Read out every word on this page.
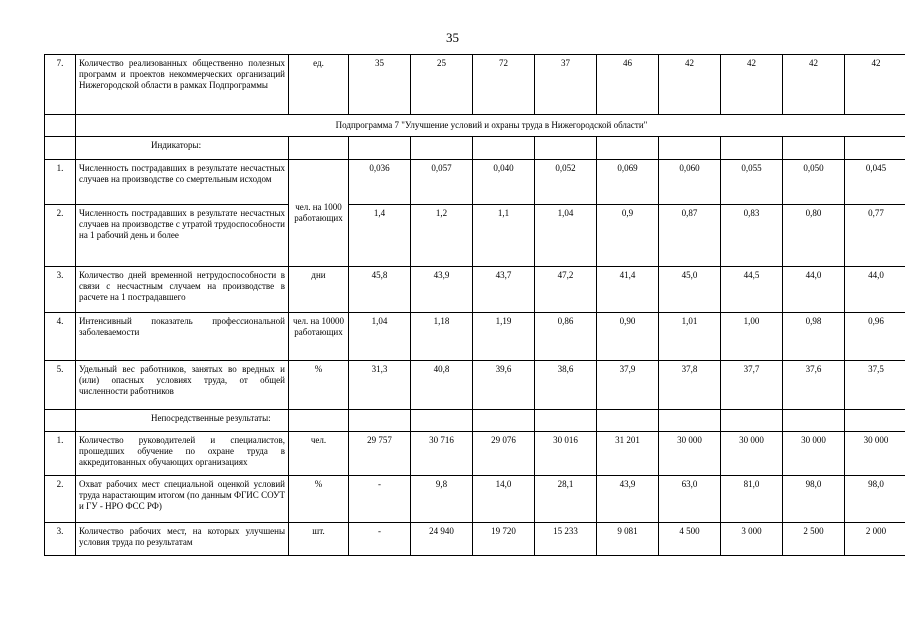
35
7.	Количество реализованных общественно полезных программ и проектов некоммерческих организаций Нижегородской области в рамках Подпрограммы	ед.	35	25	72	37	46	42	42	42	42
	Подпрограмма 7 "Улучшение условий и охраны труда в Нижегородской области"										
	Индикаторы:										
1.	Численность пострадавших в результате несчастных случаев на производстве со смертельным исходом	чел. на 1000 работающих	0,036	0,057	0,040	0,052	0,069	0,060	0,055	0,050	0,045
2.	Численность пострадавших в результате несчастных случаев на производстве с утратой трудоспособности на 1 рабочий день и более		1,4	1,2	1,1	1,04	0,9	0,87	0,83	0,80	0,77
3.	Количество дней временной нетрудоспособности в связи с несчастным случаем на производстве в расчете на 1 пострадавшего	дни	45,8	43,9	43,7	47,2	41,4	45,0	44,5	44,0	44,0
4.	Интенсивный показатель профессиональной заболеваемости	чел. на 10000 работающих	1,04	1,18	1,19	0,86	0,90	1,01	1,00	0,98	0,96
5.	Удельный вес работников, занятых во вредных и (или) опасных условиях труда, от общей численности работников	%	31,3	40,8	39,6	38,6	37,9	37,8	37,7	37,6	37,5
	Непосредственные результаты:										
1.	Количество руководителей и специалистов, прошедших обучение по охране труда в аккредитованных обучающих организациях	чел.	29 757	30 716	29 076	30 016	31 201	30 000	30 000	30 000	30 000
2.	Охват рабочих мест специальной оценкой условий труда нарастающим итогом (по данным ФГИС СОУТ и ГУ - НРО ФСС РФ)	%	-	9,8	14,0	28,1	43,9	63,0	81,0	98,0	98,0
3.	Количество рабочих мест, на которых улучшены условия труда по результатам	шт.	-	24 940	19 720	15 233	9 081	4 500	3 000	2 500	2 000
